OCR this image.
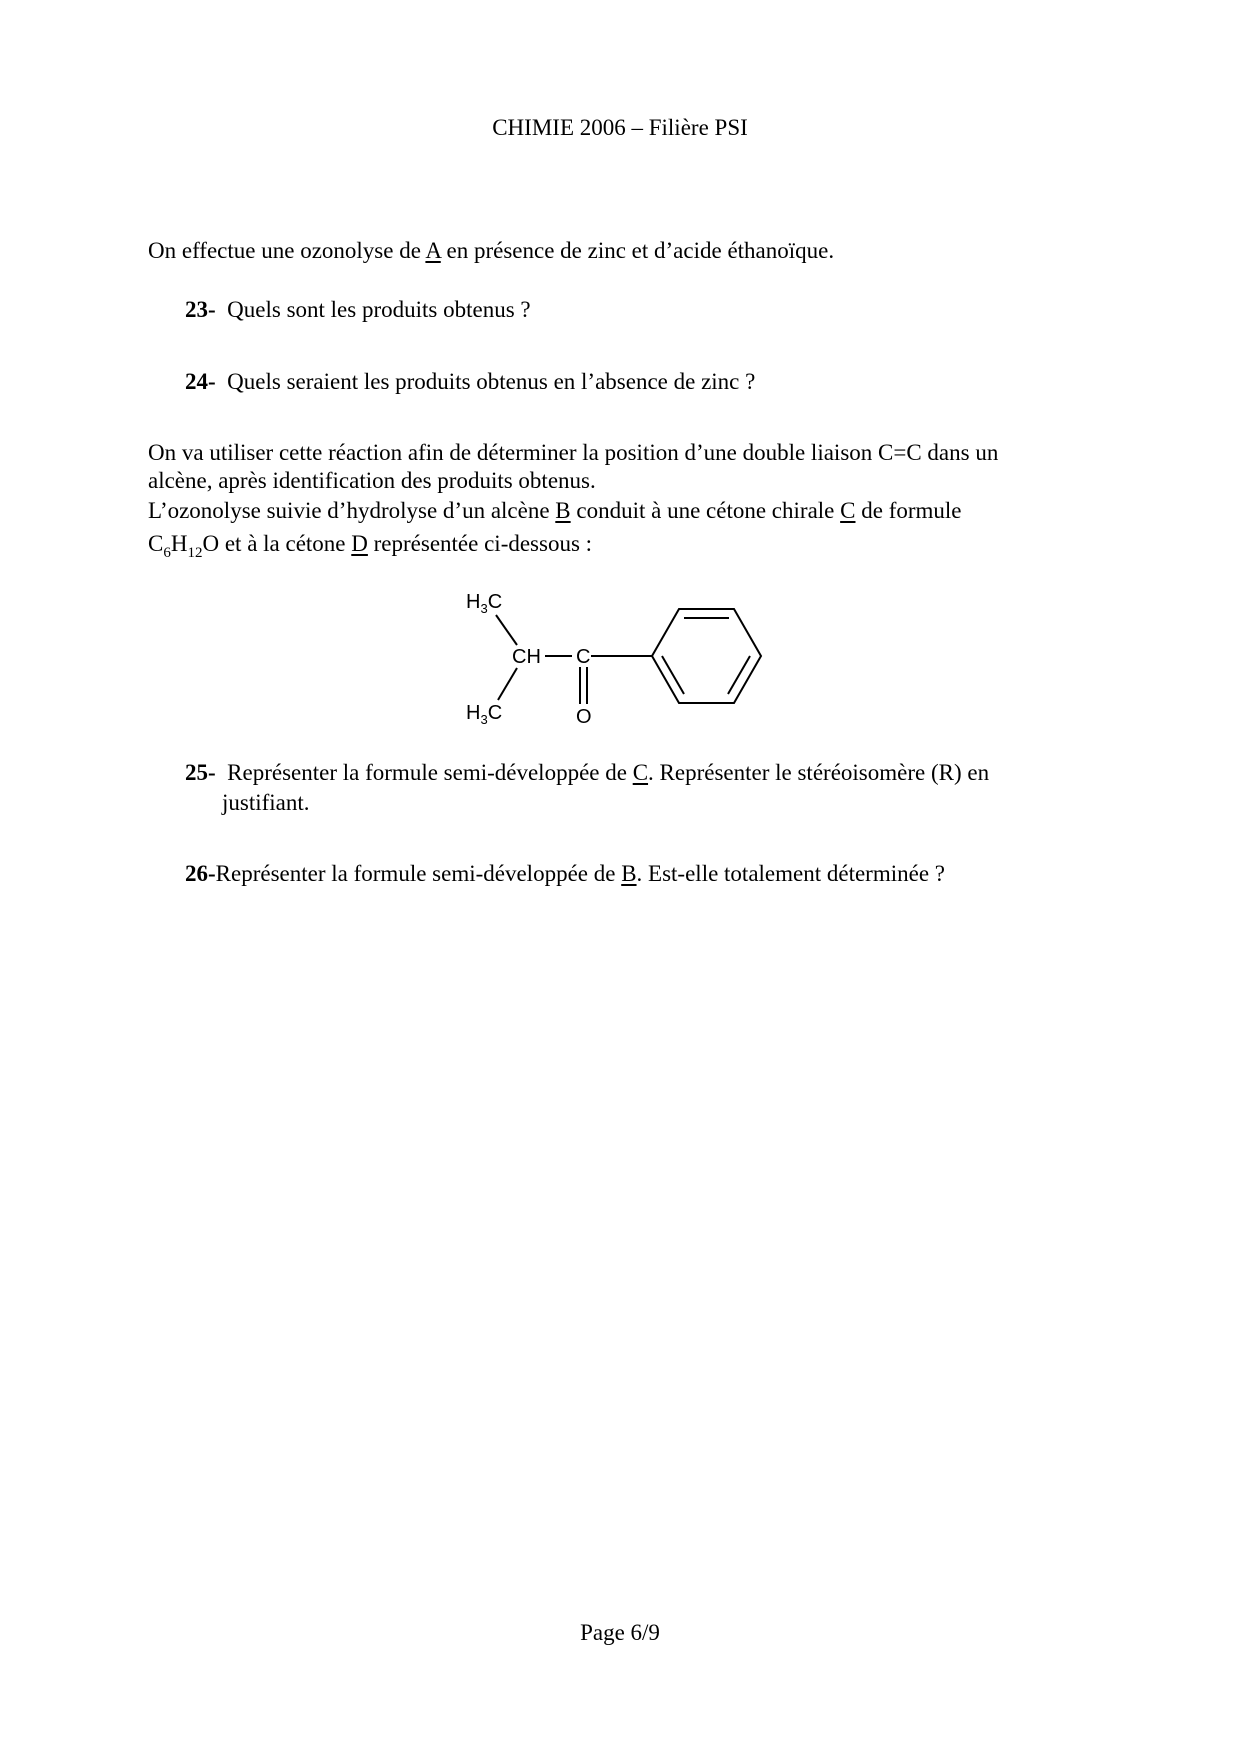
CHIMIE 2006 – Filière PSI
On effectue une ozonolyse de A en présence de zinc et d’acide éthanoïque.
23- Quels sont les produits obtenus ?
24- Quels seraient les produits obtenus en l’absence de zinc ?
On va utiliser cette réaction afin de déterminer la position d’une double liaison C=C dans un
alcène, après identification des produits obtenus.
L’ozonolyse suivie d’hydrolyse d’un alcène B conduit à une cétone chirale C de formule
$C_6H_{12}O$ et à la cétone D représentée ci-dessous :
$H_3C$
CH C
O
$H_3C$
25- Représenter la formule semi-développée de C. Représenter le stéréoisomère (R) en
justifiant.
26-Représenter la formule semi-développée de B. Est-elle totalement déterminée ?
Page 6/9
